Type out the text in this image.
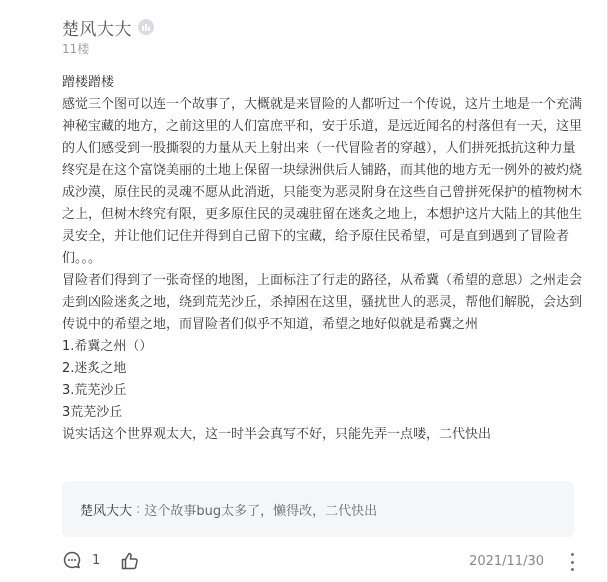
楚风大大
11楼

蹭楼蹭楼

感觉三个图可以连一个故事了，大概就是来冒险的人都听过一个传说，这片土地是一个充满神秘宝藏的地方，之前这里的人们富庶平和，安于乐道，是远近闻名的村落但有一天，这里的人们感受到一股撕裂的力量从天上射出来（一代冒险者的穿越），人们拼死抵抗这种力量终究是在这个富饶美丽的土地上保留一块绿洲供后人铺路，而其他的地方无一例外的被灼烧成沙漠，原住民的灵魂不愿从此消逝，只能变为恶灵附身在这些自己曾拼死保护的植物树木之上，但树木终究有限，更多原住民的灵魂驻留在迷炙之地上，本想护这片大陆上的其他生灵安全，并让他们记住并得到自己留下的宝藏，给予原住民希望，可是直到遇到了冒险者们。。。

冒险者们得到了一张奇怪的地图，上面标注了行走的路径，从希冀（希望的意思）之州走会走到凶险迷炙之地，绕到荒芜沙丘，杀掉困在这里，骚扰世人的恶灵，帮他们解脱，会达到传说中的希望之地，而冒险者们似乎不知道，希望之地好似就是希冀之州

1.希冀之州（）

2.迷炙之地

3.荒芜沙丘

3荒芜沙丘

说实话这个世界观太大，这一时半会真写不好，只能先弄一点喽，二代快出

楚风大大 : 这个故事bug太多了，懒得改，二代快出
1	2021/11/30
